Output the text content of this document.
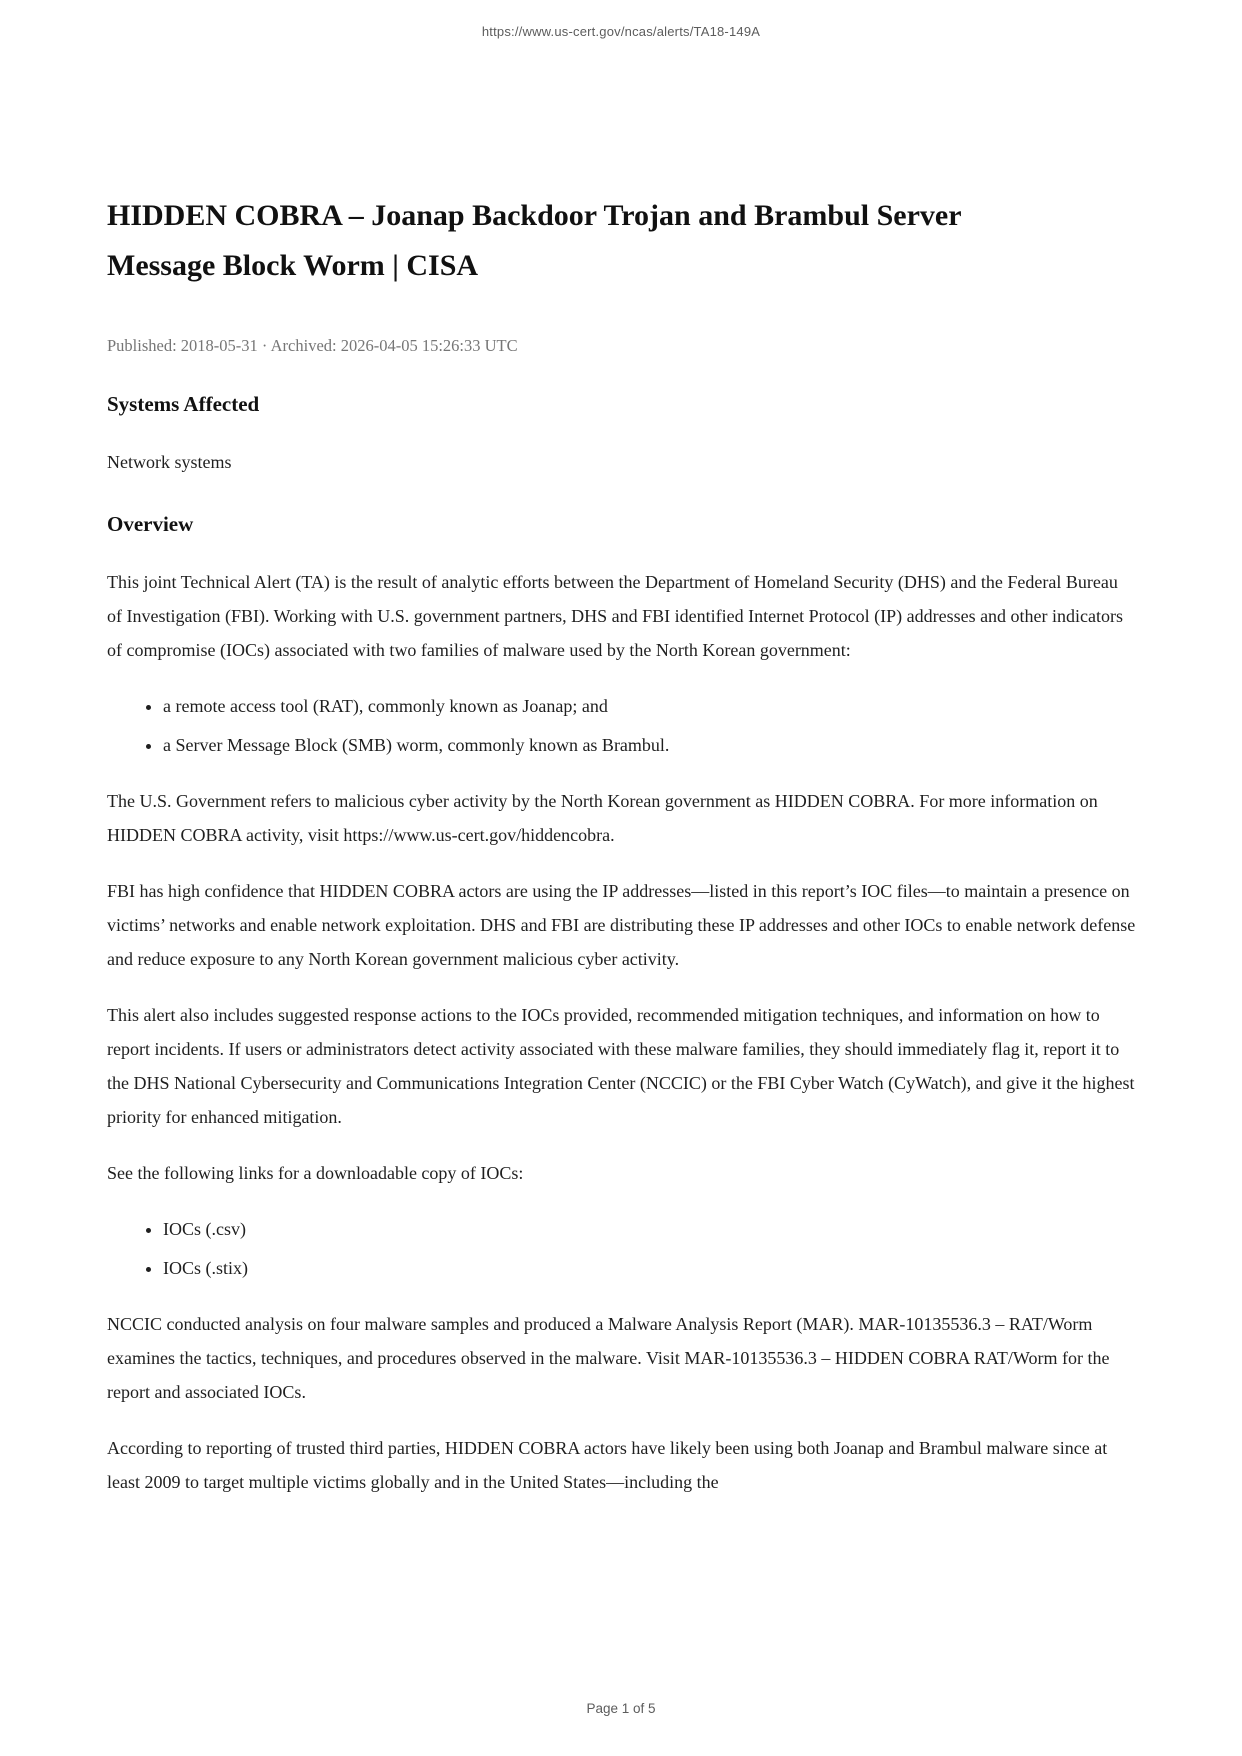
https://www.us-cert.gov/ncas/alerts/TA18-149A
HIDDEN COBRA – Joanap Backdoor Trojan and Brambul Server Message Block Worm | CISA

Published: 2018-05-31 · Archived: 2026-04-05 15:26:33 UTC

Systems Affected

Network systems

Overview

This joint Technical Alert (TA) is the result of analytic efforts between the Department of Homeland Security (DHS) and the Federal Bureau of Investigation (FBI). Working with U.S. government partners, DHS and FBI identified Internet Protocol (IP) addresses and other indicators of compromise (IOCs) associated with two families of malware used by the North Korean government:

• a remote access tool (RAT), commonly known as Joanap; and
• a Server Message Block (SMB) worm, commonly known as Brambul.

The U.S. Government refers to malicious cyber activity by the North Korean government as HIDDEN COBRA. For more information on HIDDEN COBRA activity, visit https://www.us-cert.gov/hiddencobra.

FBI has high confidence that HIDDEN COBRA actors are using the IP addresses—listed in this report’s IOC files—to maintain a presence on victims’ networks and enable network exploitation. DHS and FBI are distributing these IP addresses and other IOCs to enable network defense and reduce exposure to any North Korean government malicious cyber activity.

This alert also includes suggested response actions to the IOCs provided, recommended mitigation techniques, and information on how to report incidents. If users or administrators detect activity associated with these malware families, they should immediately flag it, report it to the DHS National Cybersecurity and Communications Integration Center (NCCIC) or the FBI Cyber Watch (CyWatch), and give it the highest priority for enhanced mitigation.

See the following links for a downloadable copy of IOCs:

• IOCs (.csv)
• IOCs (.stix)

NCCIC conducted analysis on four malware samples and produced a Malware Analysis Report (MAR). MAR-10135536.3 – RAT/Worm examines the tactics, techniques, and procedures observed in the malware. Visit MAR-10135536.3 – HIDDEN COBRA RAT/Worm for the report and associated IOCs.

According to reporting of trusted third parties, HIDDEN COBRA actors have likely been using both Joanap and Brambul malware since at least 2009 to target multiple victims globally and in the United States—including the

Page 1 of 5
